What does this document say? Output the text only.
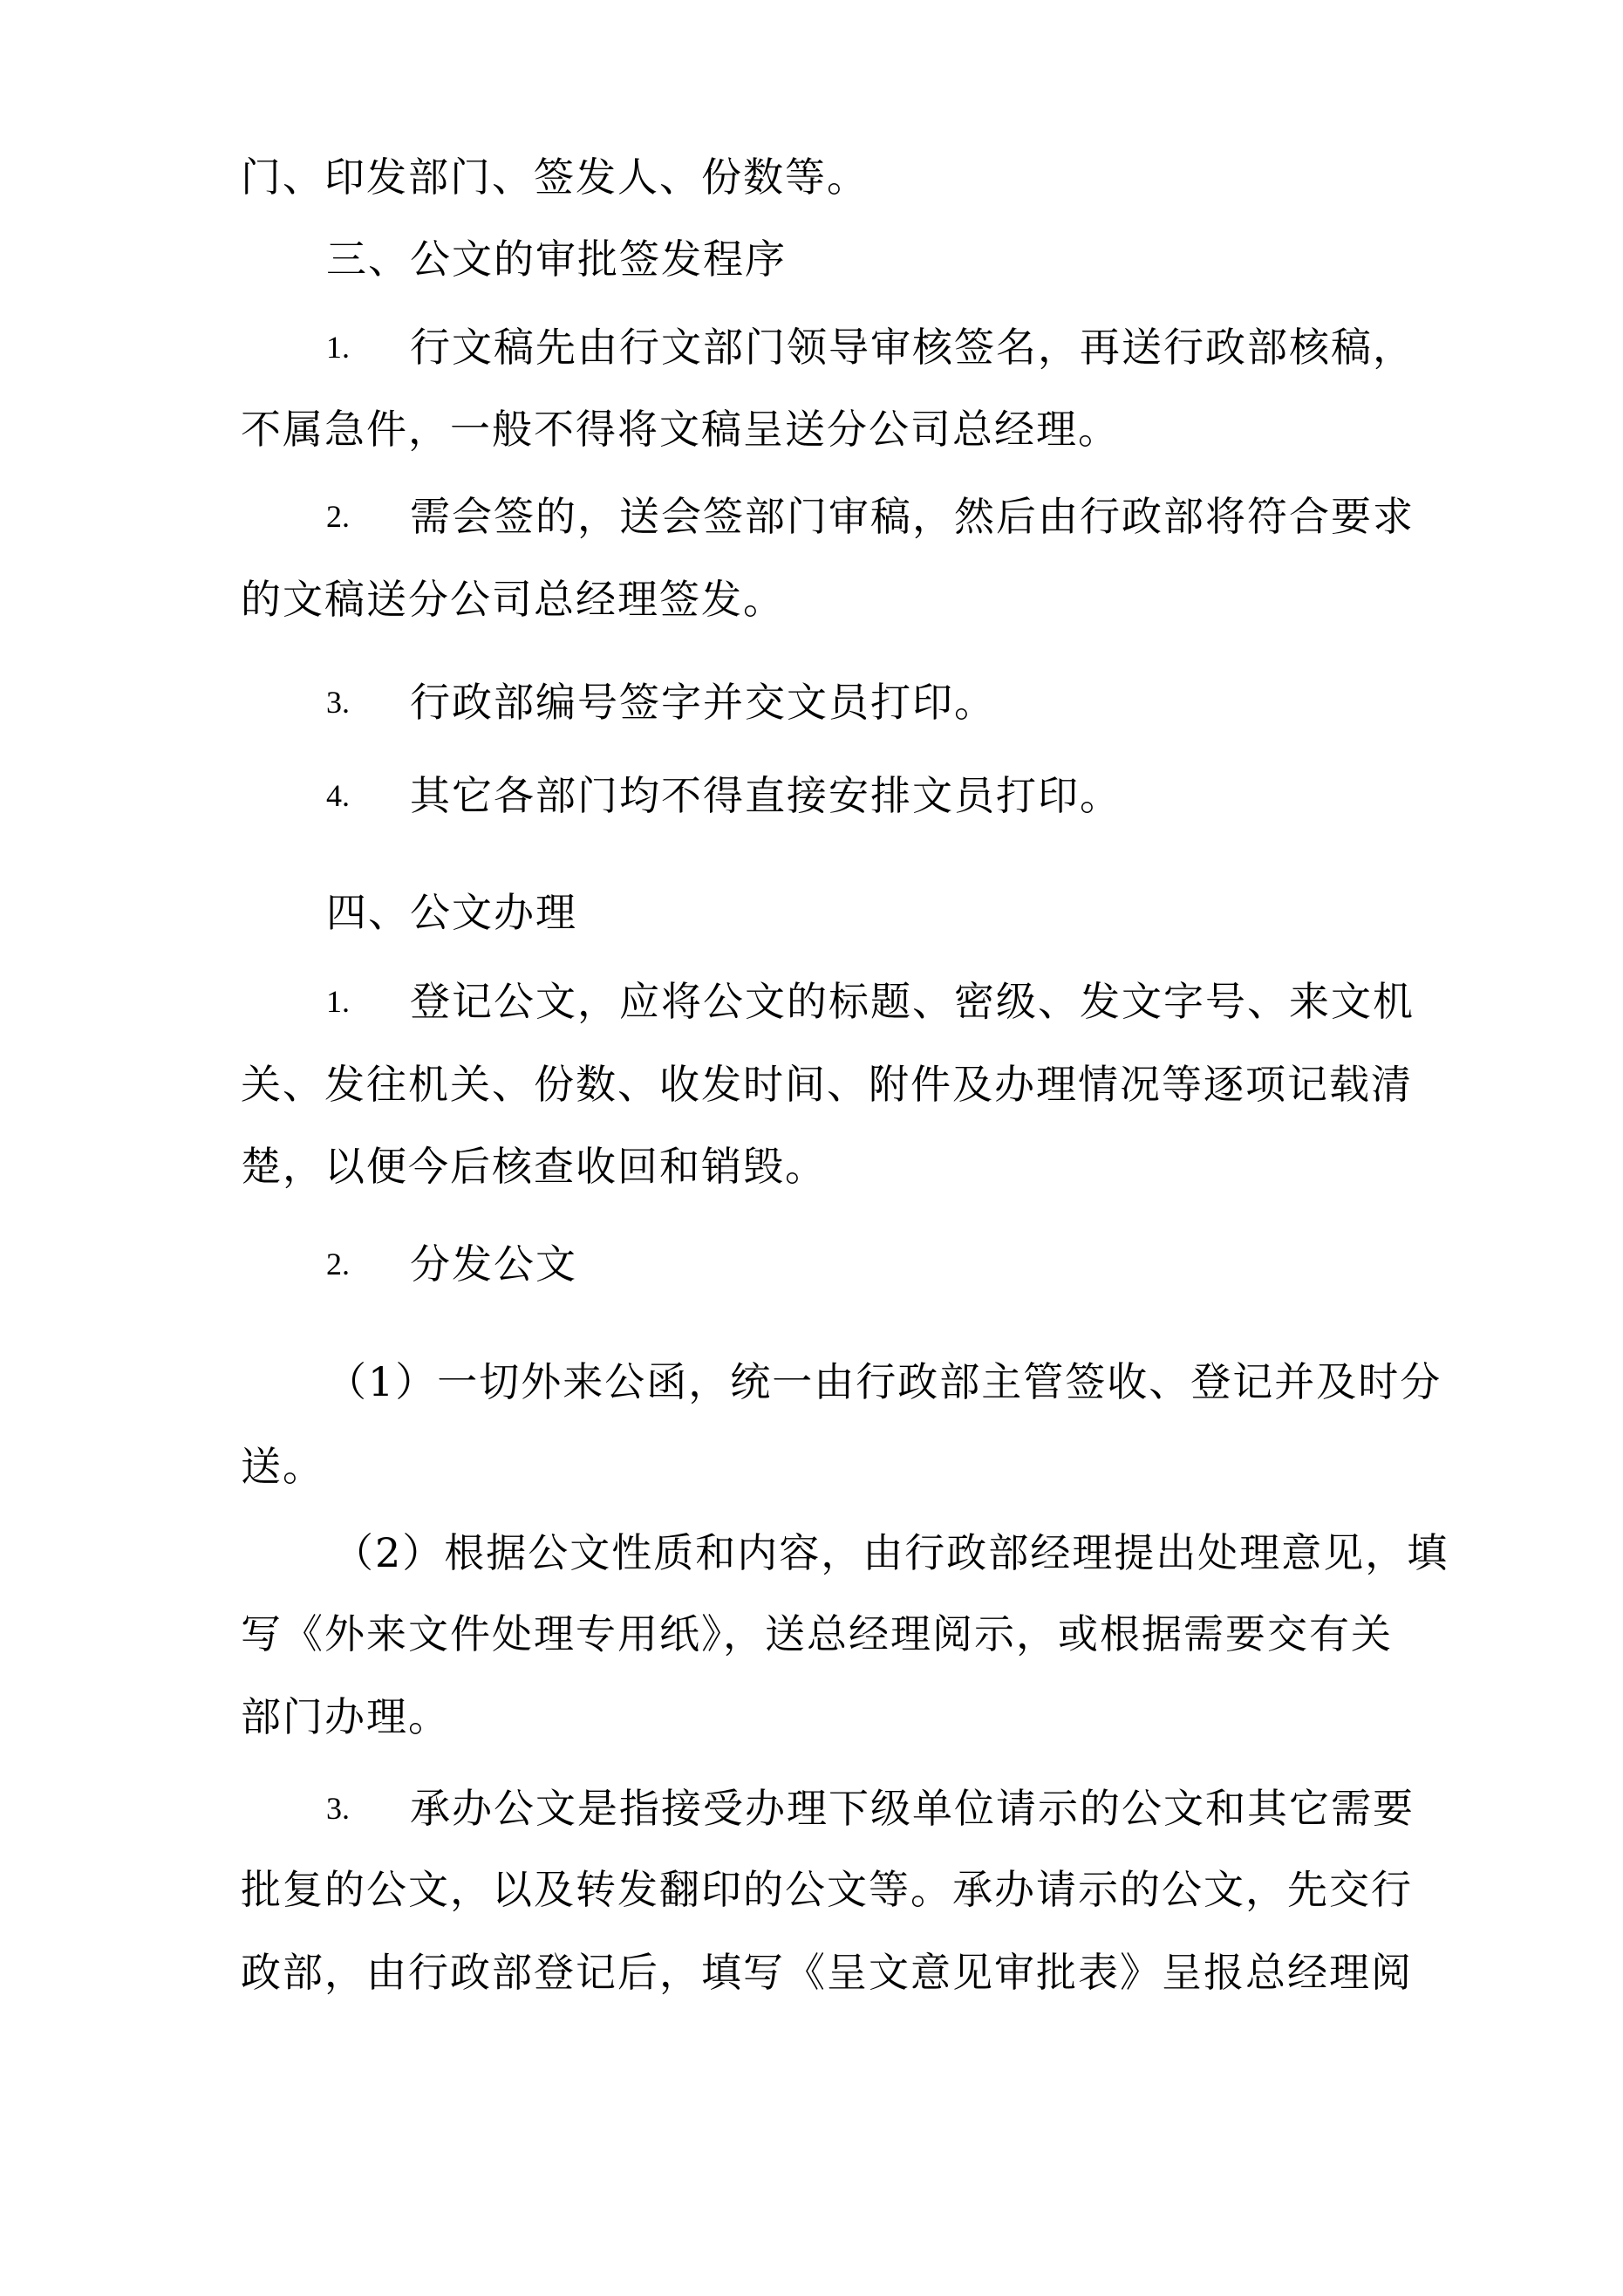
门、印发部门、签发人、份数等。
三、公文的审批签发程序
1. 行文稿先由行文部门领导审核签名，再送行政部核稿，
不属急件，一般不得将文稿呈送分公司总经理。
2. 需会签的，送会签部门审稿，然后由行政部将符合要求
的文稿送分公司总经理签发。
3. 行政部编号签字并交文员打印。
4. 其它各部门均不得直接安排文员打印。
四、公文办理
1. 登记公文，应将公文的标题、密级、发文字号、来文机
关、发往机关、份数、收发时间、附件及办理情况等逐项记载清
楚，以便今后核查收回和销毁。
2. 分发公文
（1）一切外来公函，统一由行政部主管签收、登记并及时分
送。
（2）根据公文性质和内容，由行政部经理提出处理意见，填
写《外来文件处理专用纸》，送总经理阅示，或根据需要交有关
部门办理。
3. 承办公文是指接受办理下级单位请示的公文和其它需要
批复的公文，以及转发翻印的公文等。承办请示的公文，先交行
政部，由行政部登记后，填写《呈文意见审批表》呈报总经理阅
